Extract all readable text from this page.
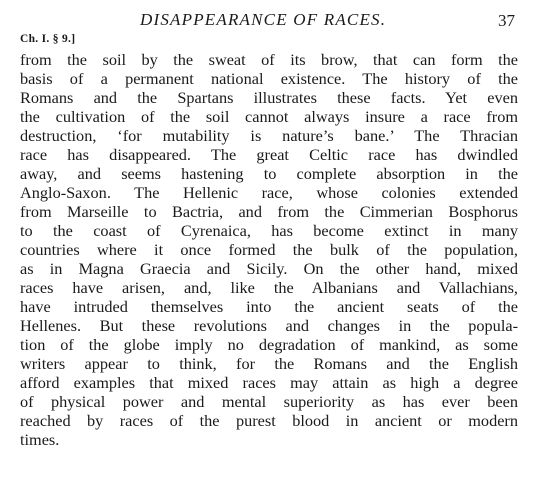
DISAPPEARANCE OF RACES.	37
Ch. I. § 9.]
from the soil by the sweat of its brow, that can form the
basis of a permanent national existence. The history of the
Romans and the Spartans illustrates these facts. Yet even
the cultivation of the soil cannot always insure a race from
destruction, ‘for mutability is nature’s bane.’ The Thracian
race has disappeared. The great Celtic race has dwindled
away, and seems hastening to complete absorption in the
Anglo-Saxon. The Hellenic race, whose colonies extended
from Marseille to Bactria, and from the Cimmerian Bosphorus
to the coast of Cyrenaica, has become extinct in many
countries where it once formed the bulk of the population,
as in Magna Graecia and Sicily. On the other hand, mixed
races have arisen, and, like the Albanians and Vallachians,
have intruded themselves into the ancient seats of the
Hellenes. But these revolutions and changes in the popula-
tion of the globe imply no degradation of mankind, as some
writers appear to think, for the Romans and the English
afford examples that mixed races may attain as high a degree
of physical power and mental superiority as has ever been
reached by races of the purest blood in ancient or modern
times.
